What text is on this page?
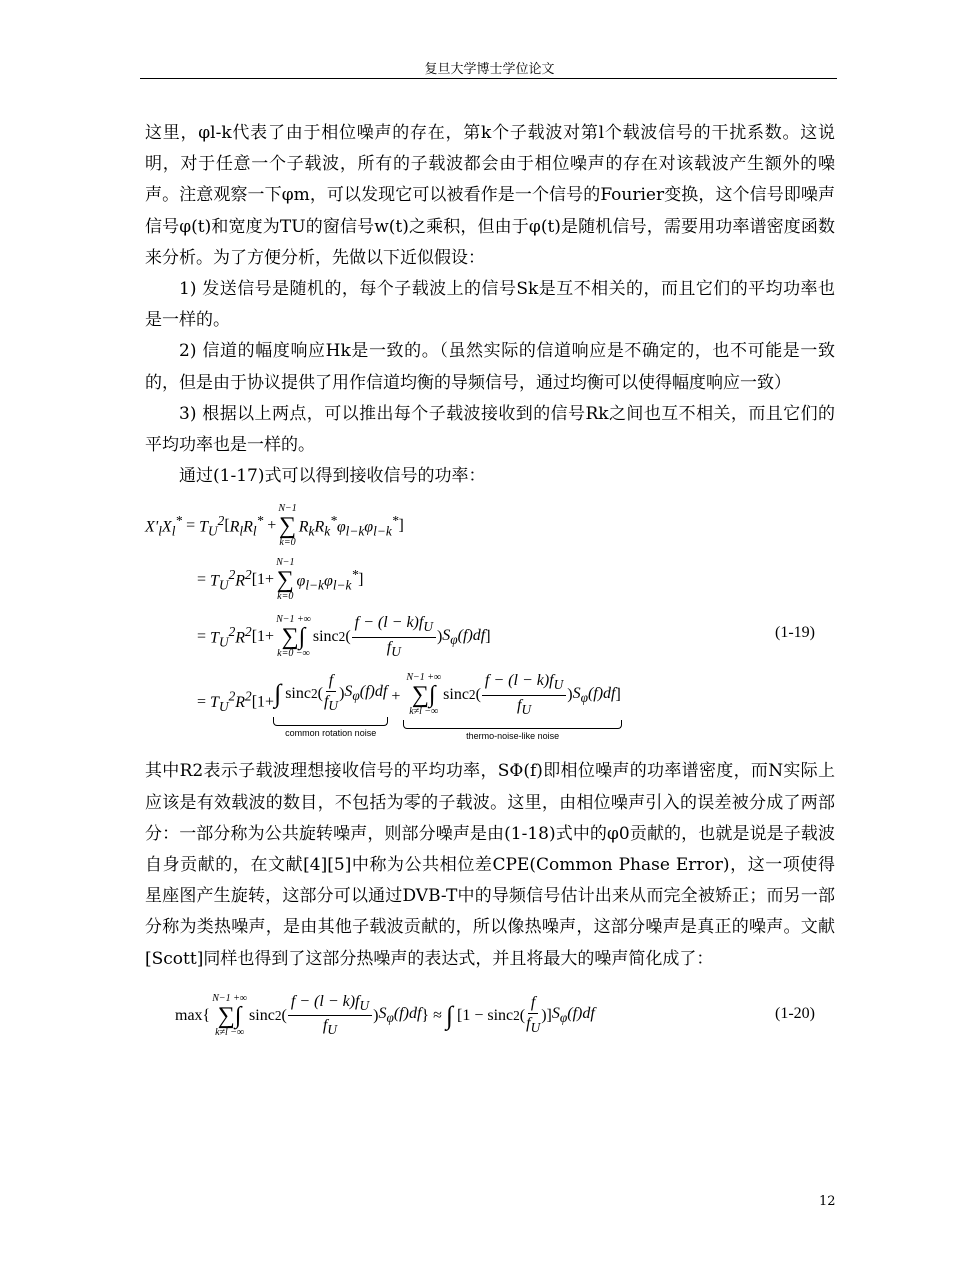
复旦大学博士学位论文

这里，φl-k代表了由于相位噪声的存在，第k个子载波对第l个载波信号的干扰系数。这说明，对于任意一个子载波，所有的子载波都会由于相位噪声的存在对该载波产生额外的噪声。注意观察一下φm，可以发现它可以被看作是一个信号的Fourier变换，这个信号即噪声信号φ(t)和宽度为TU的窗信号w(t)之乘积，但由于φ(t)是随机信号，需要用功率谱密度函数来分析。为了方便分析，先做以下近似假设：

1) 发送信号是随机的，每个子载波上的信号Sk是互不相关的，而且它们的平均功率也是一样的。

2) 信道的幅度响应Hk是一致的。（虽然实际的信道响应是不确定的，也不可能是一致的，但是由于协议提供了用作信道均衡的导频信号，通过均衡可以使得幅度响应一致）

3) 根据以上两点，可以推出每个子载波接收到的信号Rk之间也互不相关，而且它们的平均功率也是一样的。

通过(1-17)式可以得到接收信号的功率：

$X'_lX_l^* = T_U^2$ [ $R_lR_l^*$ +
N−1
∑
k=0
$R_kR_k^*\varphi_{l-k}\varphi_{l-k}^*$ ]
= $T_U^2R^2$ [1+
N−1
∑
k=0
$\varphi_{l-k}\varphi_{l-k}^*$ ]
= $T_U^2R^2$ [1+
N−1 +∞
∑∫
k=0 −∞
sinc 2 ( $\frac{f - (l - k)f_U}{f_U}$ ) $S_\varphi(f)df$ ]	(1-19)
= $T_U^2R^2[1+$ ∫ sinc 2 ( $\frac{f}{f_U}$ ) $S_\varphi(f)df$
common rotation noise
+
N−1 +∞
∑∫
k≠l −∞
sinc 2 ( $\frac{f - (l - k)f_U}{f_U}$ ) $S_\varphi(f)df$ ]
thermo-noise-like noise

其中R2表示子载波理想接收信号的平均功率，SΦ(f)即相位噪声的功率谱密度，而N实际上应该是有效载波的数目，不包括为零的子载波。这里，由相位噪声引入的误差被分成了两部分：一部分称为公共旋转噪声，则部分噪声是由(1-18)式中的φ0贡献的，也就是说是子载波自身贡献的，在文献[4][5]中称为公共相位差CPE(Common Phase Error)，这一项使得星座图产生旋转，这部分可以通过DVB-T中的导频信号估计出来从而完全被矫正；而另一部分称为类热噪声，是由其他子载波贡献的，所以像热噪声，这部分噪声是真正的噪声。文献[Scott]同样也得到了这部分热噪声的表达式，并且将最大的噪声简化成了：

max{
N−1 +∞
∑∫
k≠l −∞
sinc 2 ( $\frac{f - (l - k)f_U}{f_U}$ ) $S_\varphi(f)df$ } ≈ ∫ [1 − sinc 2 ( $\frac{f}{f_U}$ )] $S_\varphi(f)df$	(1-20)
12
